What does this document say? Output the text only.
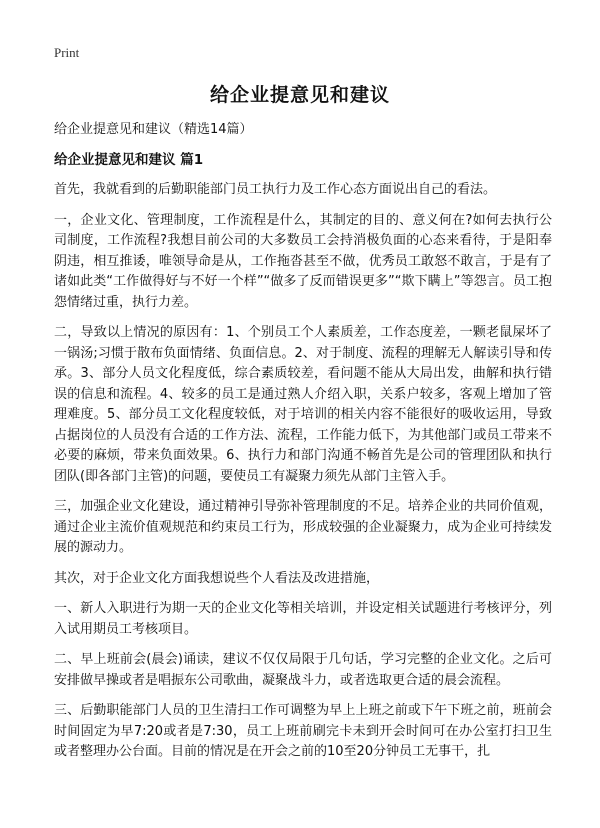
Print
给企业提意见和建议

给企业提意见和建议（精选14篇）

给企业提意见和建议 篇1

首先，我就看到的后勤职能部门员工执行力及工作心态方面说出自己的看法。

一，企业文化、管理制度，工作流程是什么，其制定的目的、意义何在?如何去执行公司制度，工作流程?我想目前公司的大多数员工会持消极负面的心态来看待，于是阳奉阴违，相互推诿，唯领导命是从，工作拖沓甚至不做，优秀员工敢怒不敢言，于是有了诸如此类“工作做得好与不好一个样”“做多了反而错误更多”“欺下瞒上”等怨言。员工抱怨情绪过重，执行力差。

二，导致以上情况的原因有：1、个别员工个人素质差，工作态度差，一颗老鼠屎坏了一锅汤;习惯于散布负面情绪、负面信息。2、对于制度、流程的理解无人解读引导和传承。3、部分人员文化程度低，综合素质较差，看问题不能从大局出发，曲解和执行错误的信息和流程。4、较多的员工是通过熟人介绍入职，关系户较多，客观上增加了管理难度。5、部分员工文化程度较低，对于培训的相关内容不能很好的吸收运用，导致占据岗位的人员没有合适的工作方法、流程，工作能力低下，为其他部门或员工带来不必要的麻烦，带来负面效果。6、执行力和部门沟通不畅首先是公司的管理团队和执行团队(即各部门主管)的问题，要使员工有凝聚力须先从部门主管入手。

三，加强企业文化建设，通过精神引导弥补管理制度的不足。培养企业的共同价值观，通过企业主流价值观规范和约束员工行为，形成较强的企业凝聚力，成为企业可持续发展的源动力。

其次，对于企业文化方面我想说些个人看法及改进措施，

一、新人入职进行为期一天的企业文化等相关培训，并设定相关试题进行考核评分，列入试用期员工考核项目。

二、早上班前会(晨会)诵读，建议不仅仅局限于几句话，学习完整的企业文化。之后可安排做早操或者是唱振东公司歌曲，凝聚战斗力，或者选取更合适的晨会流程。

三、后勤职能部门人员的卫生清扫工作可调整为早上上班之前或下午下班之前，班前会时间固定为早7:20或者是7:30，员工上班前刷完卡未到开会时间可在办公室打扫卫生或者整理办公台面。目前的情况是在开会之前的10至20分钟员工无事干，扎
